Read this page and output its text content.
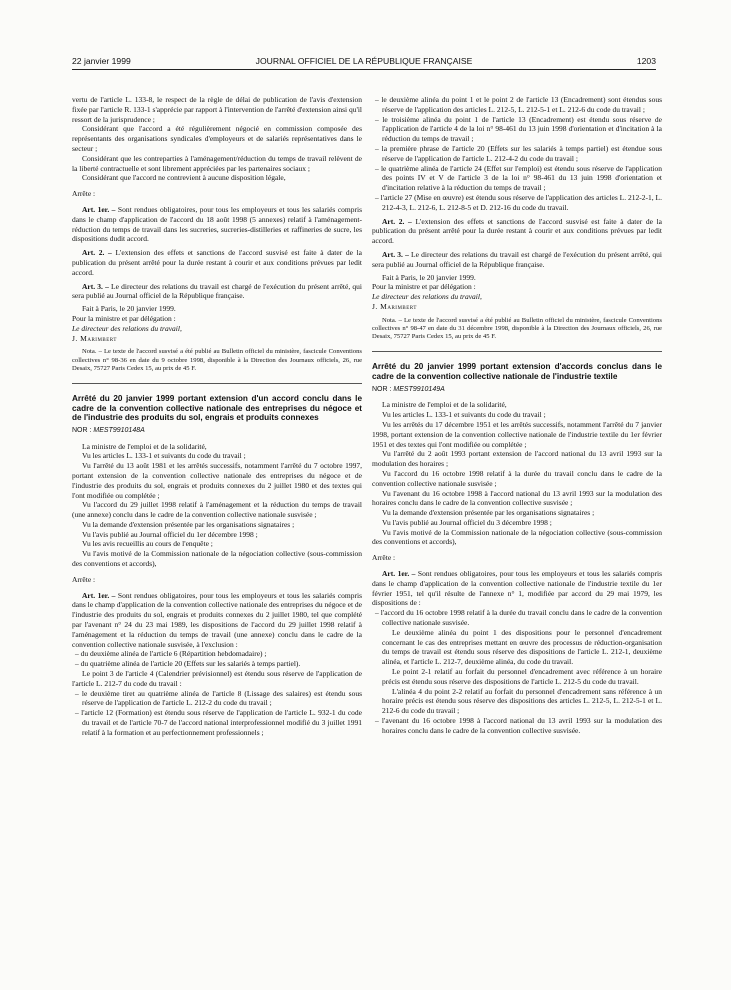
22 janvier 1999	JOURNAL OFFICIEL DE LA RÉPUBLIQUE FRANÇAISE	1203

vertu de l'article L. 133-8, le respect de la règle de délai de publication de l'avis d'extension fixée par l'article R. 133-1 s'apprécie par rapport à l'intervention de l'arrêté d'extension ainsi qu'il ressort de la jurisprudence ;

Considérant que l'accord a été régulièrement négocié en commission composée des représentants des organisations syndicales d'employeurs et de salariés représentatives dans le secteur ;

Considérant que les contreparties à l'aménagement/réduction du temps de travail relèvent de la liberté contractuelle et sont librement appréciées par les partenaires sociaux ;

Considérant que l'accord ne contrevient à aucune disposition légale,

Arrête :

Art. 1er. – Sont rendues obligatoires, pour tous les employeurs et tous les salariés compris dans le champ d'application de l'accord du 18 août 1998 (5 annexes) relatif à l'aménagement-réduction du temps de travail dans les sucreries, sucreries-distilleries et raffineries de sucre, les dispositions dudit accord.

Art. 2. – L'extension des effets et sanctions de l'accord susvisé est faite à dater de la publication du présent arrêté pour la durée restant à courir et aux conditions prévues par ledit accord.

Art. 3. – Le directeur des relations du travail est chargé de l'exécution du présent arrêté, qui sera publié au Journal officiel de la République française.

Fait à Paris, le 20 janvier 1999.

Pour la ministre et par délégation :

Le directeur des relations du travail,

J. Marimbert

Nota. – Le texte de l'accord susvisé a été publié au Bulletin officiel du ministère, fascicule Conventions collectives n° 98-36 en date du 9 octobre 1998, disponible à la Direction des Journaux officiels, 26, rue Desaix, 75727 Paris Cedex 15, au prix de 45 F.

Arrêté du 20 janvier 1999 portant extension d'un accord conclu dans le cadre de la convention collective nationale des entreprises du négoce et de l'industrie des produits du sol, engrais et produits connexes

NOR : MESТ9910148A

La ministre de l'emploi et de la solidarité,

Vu les articles L. 133-1 et suivants du code du travail ;

Vu l'arrêté du 13 août 1981 et les arrêtés successifs, notamment l'arrêté du 7 octobre 1997, portant extension de la convention collective nationale des entreprises du négoce et de l'industrie des produits du sol, engrais et produits connexes du 2 juillet 1980 et des textes qui l'ont modifiée ou complétée ;

Vu l'accord du 29 juillet 1998 relatif à l'aménagement et la réduction du temps de travail (une annexe) conclu dans le cadre de la convention collective nationale susvisée ;

Vu la demande d'extension présentée par les organisations signataires ;

Vu l'avis publié au Journal officiel du 1er décembre 1998 ;

Vu les avis recueillis au cours de l'enquête ;

Vu l'avis motivé de la Commission nationale de la négociation collective (sous-commission des conventions et accords),

Arrête :

Art. 1er. – Sont rendues obligatoires, pour tous les employeurs et tous les salariés compris dans le champ d'application de la convention collective nationale des entreprises du négoce et de l'industrie des produits du sol, engrais et produits connexes du 2 juillet 1980, tel que complété par l'avenant n° 24 du 23 mai 1989, les dispositions de l'accord du 29 juillet 1998 relatif à l'aménagement et la réduction du temps de travail (une annexe) conclu dans le cadre de la convention collective nationale susvisée, à l'exclusion :

– du deuxième alinéa de l'article 6 (Répartition hebdomadaire) ;
– du quatrième alinéa de l'article 20 (Effets sur les salariés à temps partiel).

Le point 3 de l'article 4 (Calendrier prévisionnel) est étendu sous réserve de l'application de l'article L. 212-7 du code du travail :

– le deuxième tiret au quatrième alinéa de l'article 8 (Lissage des salaires) est étendu sous réserve de l'application de l'article L. 212-2 du code du travail ;
– l'article 12 (Formation) est étendu sous réserve de l'application de l'article L. 932-1 du code du travail et de l'article 70-7 de l'accord national interprofessionnel modifié du 3 juillet 1991 relatif à la formation et au perfectionnement professionnels ;
– le deuxième alinéa du point 1 et le point 2 de l'article 13 (Encadrement) sont étendus sous réserve de l'application des articles L. 212-5, L. 212-5-1 et L. 212-6 du code du travail ;
– le troisième alinéa du point 1 de l'article 13 (Encadrement) est étendu sous réserve de l'application de l'article 4 de la loi n° 98-461 du 13 juin 1998 d'orientation et d'incitation à la réduction du temps de travail ;
– la première phrase de l'article 20 (Effets sur les salariés à temps partiel) est étendue sous réserve de l'application de l'article L. 212-4-2 du code du travail ;
– le quatrième alinéa de l'article 24 (Effet sur l'emploi) est étendu sous réserve de l'application des points IV et V de l'article 3 de la loi n° 98-461 du 13 juin 1998 d'orientation et d'incitation relative à la réduction du temps de travail ;
– l'article 27 (Mise en œuvre) est étendu sous réserve de l'application des articles L. 212-2-1, L. 212-4-3, L. 212-6, L. 212-8-5 et D. 212-16 du code du travail.

Art. 2. – L'extension des effets et sanctions de l'accord susvisé est faite à dater de la publication du présent arrêté pour la durée restant à courir et aux conditions prévues par ledit accord.

Art. 3. – Le directeur des relations du travail est chargé de l'exécution du présent arrêté, qui sera publié au Journal officiel de la République française.

Fait à Paris, le 20 janvier 1999.

Pour la ministre et par délégation :

Le directeur des relations du travail,

J. Marimbert

Nota. – Le texte de l'accord susvisé a été publié au Bulletin officiel du ministère, fascicule Conventions collectives n° 98-47 en date du 31 décembre 1998, disponible à la Direction des Journaux officiels, 26, rue Desaix, 75727 Paris Cedex 15, au prix de 45 F.

Arrêté du 20 janvier 1999 portant extension d'accords conclus dans le cadre de la convention collective nationale de l'industrie textile

NOR : MEST9910149A

La ministre de l'emploi et de la solidarité,

Vu les articles L. 133-1 et suivants du code du travail ;

Vu les arrêtés du 17 décembre 1951 et les arrêtés successifs, notamment l'arrêté du 7 janvier 1998, portant extension de la convention collective nationale de l'industrie textile du 1er février 1951 et des textes qui l'ont modifiée ou complétée ;

Vu l'arrêté du 2 août 1993 portant extension de l'accord national du 13 avril 1993 sur la modulation des horaires ;

Vu l'accord du 16 octobre 1998 relatif à la durée du travail conclu dans le cadre de la convention collective nationale susvisée ;

Vu l'avenant du 16 octobre 1998 à l'accord national du 13 avril 1993 sur la modulation des horaires conclu dans le cadre de la convention collective susvisée ;

Vu la demande d'extension présentée par les organisations signataires ;

Vu l'avis publié au Journal officiel du 3 décembre 1998 ;

Vu l'avis motivé de la Commission nationale de la négociation collective (sous-commission des conventions et accords),

Arrête :

Art. 1er. – Sont rendues obligatoires, pour tous les employeurs et tous les salariés compris dans le champ d'application de la convention collective nationale de l'industrie textile du 1er février 1951, tel qu'il résulte de l'annexe n° 1, modifiée par accord du 29 mai 1979, les dispositions de :

– l'accord du 16 octobre 1998 relatif à la durée du travail conclu dans le cadre de la convention collective nationale susvisée.

Le deuxième alinéa du point 1 des dispositions pour le personnel d'encadrement concernant le cas des entreprises mettant en œuvre des processus de réduction-organisation du temps de travail est étendu sous réserve des dispositions de l'article L. 212-1, deuxième alinéa, et l'article L. 212-7, deuxième alinéa, du code du travail.

Le point 2-1 relatif au forfait du personnel d'encadrement avec référence à un horaire précis est étendu sous réserve des dispositions de l'article L. 212-5 du code du travail.

L'alinéa 4 du point 2-2 relatif au forfait du personnel d'encadrement sans référence à un horaire précis est étendu sous réserve des dispositions des articles L. 212-5, L. 212-5-1 et L. 212-6 du code du travail ;

– l'avenant du 16 octobre 1998 à l'accord national du 13 avril 1993 sur la modulation des horaires conclu dans le cadre de la convention collective susvisée.
